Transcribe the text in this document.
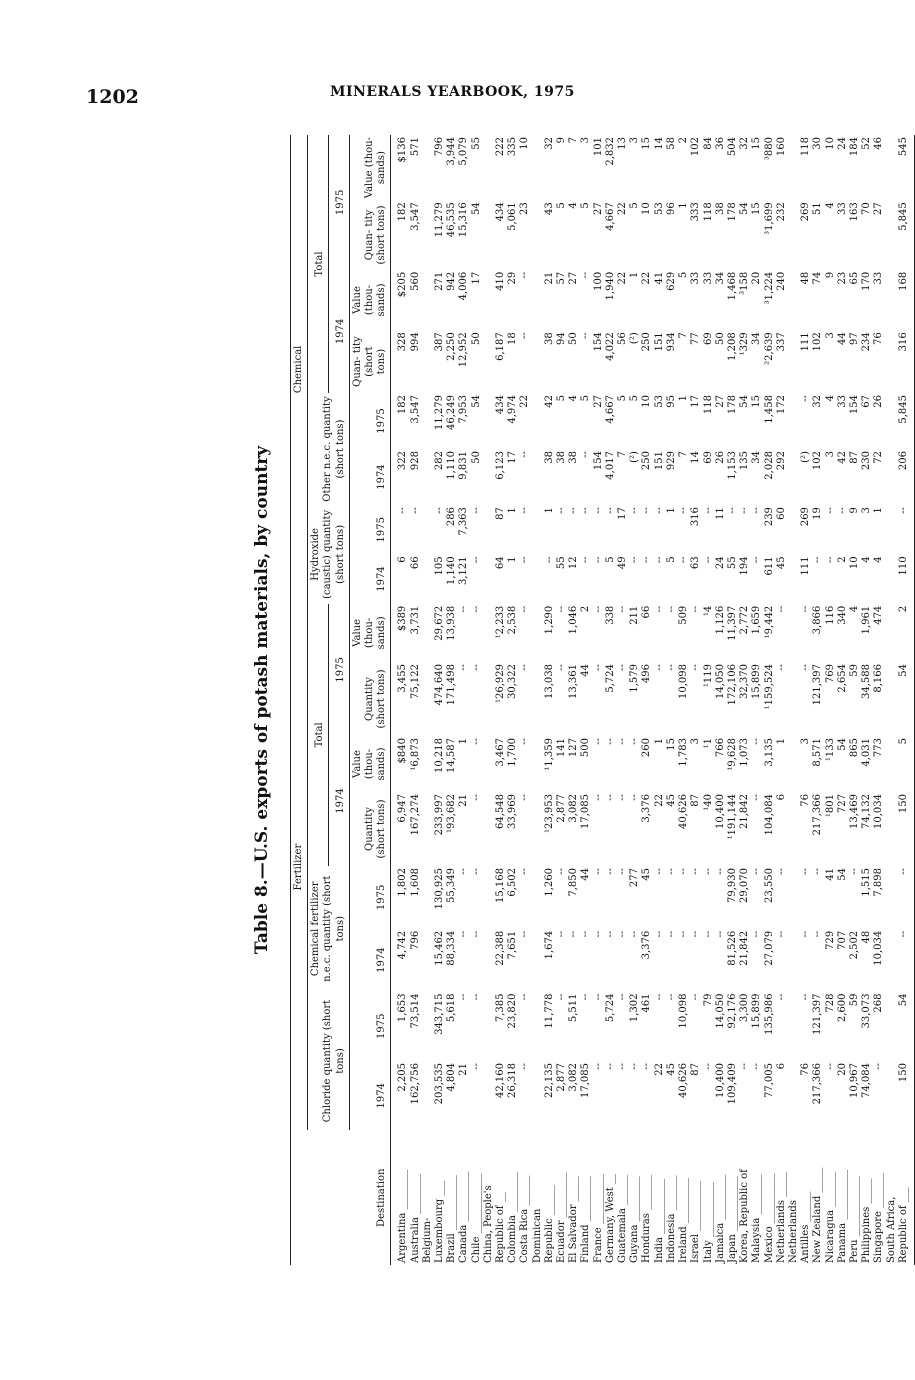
1202	MINERALS YEARBOOK, 1975
Table 8.—U.S. exports of potash materials, by country
Destination	Fertilizer								Chemical							
	Chloride quantity (short tons)		Chemical fertilizer n.e.c. quantity (short tons)		Total				Hydroxide (caustic) quantity (short tons)		Other n.e.c. quantity (short tons)		Total			
					1974		1975						1974		1975	
	1974	1975	1974	1975	Quantity (short tons)	Value (thou- sands)	Quantity (short tons)	Value (thou- sands)	1974	1975	1974	1975	Quan- tity (short tons)	Value (thou- sands)	Quan- tity (short tons)	Value (thou- sands)
Argentina ________	2,205	1,653	4,742	1,802	6,947	$840	3,455	$389	6	--	322	182	328	$205	182	$136
Australia ________	162,756	73,514	796	1,608	167,274	¹6,873	75,122	3,731	66	--	928	3,547	994	560	3,547	571
Belgium-																
Luxembourg ___	203,535	343,715	15,462	130,925	233,997	10,218	474,640	29,672	105	--	282	11,279	387	271	11,279	796
Brazil ___________	4,804	5,618	88,334	55,349	¹93,682	14,587	171,498	13,938	1,140	286	1,110	46,249	2,250	942	46,535	3,944
Canada __________	21	--	--	--	21	1	--	--	3,121	7,363	9,831	7,953	12,952	4,006	15,316	5,079
Chile ____________	--	--	--	--	--	--	--	--	--	--	50	54	50	17	54	55
China, People's																
Republic of __	42,160	7,385	22,388	15,168	64,548	3,467	¹26,929	¹2,233	64	87	6,123	434	6,187	410	434	222
Colombia ________	26,318	23,820	7,651	6,502	33,969	1,700	30,322	2,538	1	1	17	4,974	18	29	5,061	335
Costa Rica ______	--	--	--	--	--	--	--	--	--	--	--	22	--	--	23	10
Dominican																
Republic ______	22,135	11,778	1,674	1,260	¹23,953	¹1,359	13,038	1,290	--	1	38	42	38	21	43	32
Ecuador _________	2,877	--	--	--	2,877	141	--	--	55	--	38	5	94	57	5	9
El Salvador _____	3,082	5,511	--	7,850	3,082	127	13,361	1,046	12	--	38	4	50	27	4	7
Finland _________	17,085	--	--	44	17,085	500	44	2	--	--	--	5	--	--	5	3
France __________	--	--	--	--	--	--	--	--	--	--	154	27	154	100	27	101
Germany, West __	--	5,724	--	--	--	--	5,724	338	5	--	4,017	4,667	4,022	1,940	4,667	2,832
Guatemala ______	--	--	--	--	--	--	--	--	49	17	7	5	56	22	22	13
Guyana _________	--	1,302	--	277	--	--	1,579	211	--	--	(²)	5	(²)	1	5	3
Honduras _______	--	461	3,376	45	3,376	260	496	66	--	--	250	10	250	22	10	15
India ___________	22	--	--	--	22	1	--	--	--	--	151	53	151	41	53	14
Indonesia _______	45	--	--	--	45	15	--	--	5	1	929	95	934	629	96	58
Ireland _________	40,626	10,098	--	--	40,626	1,783	10,098	509	--	--	7	1	7	5	1	2
Israel __________	87	--	--	--	87	3	--	--	63	316	14	17	77	33	333	102
Italy ___________	--	79	--	--	¹40	¹1	¹119	¹4	--	--	69	118	69	33	118	84
Jamaica _________	10,400	14,050	--	--	10,400	766	14,050	1,126	24	11	26	27	50	34	38	36
Japan ___________	109,409	92,176	81,526	79,930	¹191,144	¹9,628	172,106	11,397	55	--	1,153	178	1,208	1,468	178	504
Korea, Republic of	--	3,300	21,842	29,070	21,842	1,073	32,370	2,772	194	--	135	54	¹329	³158	54	32
Malaysia ________	--	15,899	--	--	--	--	15,899	1,659	--	--	34	15	34	20	15	15
Mexico __________	77,005	135,986	27,079	23,550	104,084	3,135	¹159,524	¹9,442	611	239	2,028	1,458	²2,639	³1,224	³1,699	³880
Netherlands _____	6	--	--	--	6	1	--	--	45	60	292	172	337	240	232	160
Netherlands																
Antilles ______	76	--	--	--	76	3	--	--	111	269	(²)	--	111	48	269	118
New Zealand _____	217,366	121,397	--	--	217,366	8,571	121,397	3,866	--	19	102	32	102	74	51	30
Nicaragua _______	--	728	729	41	¹801	¹133	769	116	--	--	3	4	3	9	4	10
Panama __________	20	2,600	707	54	727	54	2,654	340	2	--	42	33	44	23	33	24
Peru ____________	10,967	59	2,502	--	13,469	865	59	4	10	9	87	154	97	65	163	184
Philippines _____	74,084	33,073	48	1,515	74,132	4,031	34,588	1,961	4	3	230	67	234	170	70	52
Singapore _______	--	268	10,034	7,898	10,034	773	8,166	474	4	1	72	26	76	33	27	46
South Africa,																
Republic of ___	150	54	--	--	150	5	54	2	110	--	206	5,845	316	168	5,845	545
